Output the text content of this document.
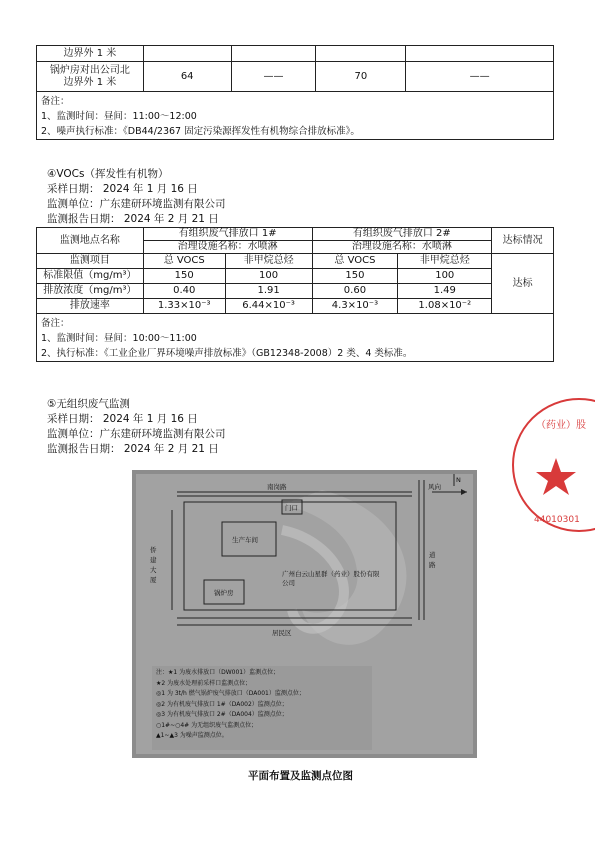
边界外 1 米				

锅炉房对出公司北
边界外 1 米	64	——	70	——

备注：
1、监测时间：昼间：11:00～12:00
2、噪声执行标准：《DB44/2367 固定污染源挥发性有机物综合排放标准》。				
④VOCs（挥发性有机物）
采样日期： 2024 年 1 月 16 日
监测单位：广东建研环境监测有限公司
监测报告日期： 2024 年 2 月 21 日
监测地点名称	有组织废气排放口 1#		有组织废气排放口 2#		达标情况
	治理设施名称：水喷淋		治理设施名称：水喷淋		
监测项目	总 VOCS	非甲烷总烃	总 VOCS	非甲烷总烃	达标
标准限值（mg/m³）	150	100	150	100	
排放浓度（mg/m³）	0.40	1.91	0.60	1.49	
排放速率	1.33×10⁻³	6.44×10⁻³	4.3×10⁻³	1.08×10⁻²	

备注：
1、监测时间：昼间：10:00～11:00
2、执行标准：《工业企业厂界环境噪声排放标准》（GB12348-2008）2 类、4 类标准。					
⑤无组织废气监测
采样日期： 2024 年 1 月 16 日
监测单位：广东建研环境监测有限公司
监测报告日期： 2024 年 2 月 21 日
44010301
（药业）股
南岗路	风向
N
门口
侨建大厦
生产车间
锅炉房
道路
居民区
广州白云山星群（药业）股份有限公司
注：★1 为废水排放口（DW001）监测点位；
★2 为废水处理前采样口监测点位；
◎1 为 3t/h 燃气锅炉废气排放口（DA001）监测点位；
◎2 为有机废气排放口 1#（DA002）监测点位；
◎3 为有机废气排放口 2#（DA004）监测点位；
○1#~○4# 为无组织废气监测点位；
▲1~▲3 为噪声监测点位。
平面布置及监测点位图
